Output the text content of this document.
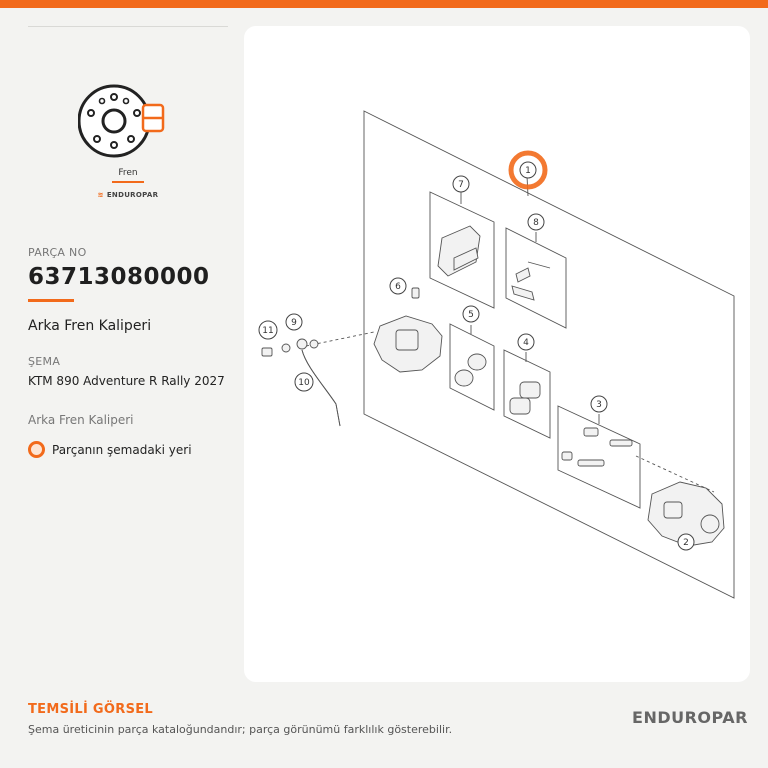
Fren
≋ ENDUROPAR
PARÇA NO
63713080000
Arka Fren Kaliperi
ŞEMA
KTM 890 Adventure R Rally 2027
Arka Fren Kaliperi
Parçanın şemadaki yeri
1
2
3
4
5
6
7
8
9
10
11
TEMSİLİ GÖRSEL
Şema üreticinin parça kataloğundandır; parça görünümü farklılık gösterebilir.
ENDUROPAR
